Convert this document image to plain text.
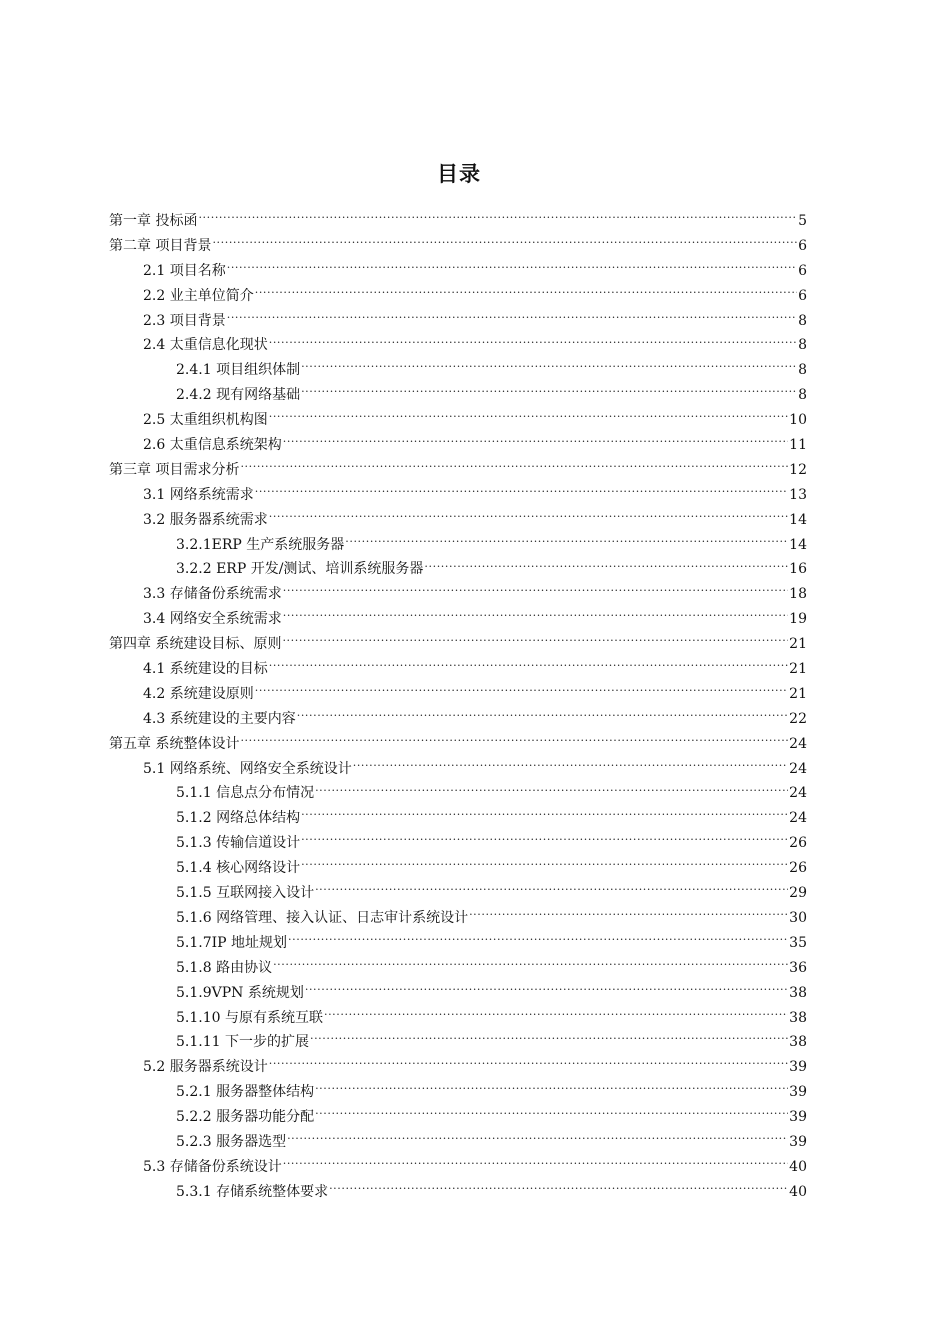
目录
第一章 投标函 .....	5
第二章 项目背景 .....	6
2.1 项目名称 .....	6
2.2 业主单位简介 .....	6
2.3 项目背景 .....	8
2.4 太重信息化现状 .....	8
2.4.1 项目组织体制 .....	8
2.4.2 现有网络基础 .....	8
2.5 太重组织机构图 .....	10
2.6 太重信息系统架构 .....	11
第三章 项目需求分析 .....	12
3.1 网络系统需求 .....	13
3.2 服务器系统需求 .....	14
3.2.1ERP 生产系统服务器 .....	14
3.2.2 ERP 开发/测试、培训系统服务器 .....	16
3.3 存储备份系统需求 .....	18
3.4 网络安全系统需求 .....	19
第四章 系统建设目标、原则 .....	21
4.1 系统建设的目标 .....	21
4.2 系统建设原则 .....	21
4.3 系统建设的主要内容 .....	22
第五章 系统整体设计 .....	24
5.1 网络系统、网络安全系统设计 .....	24
5.1.1 信息点分布情况 .....	24
5.1.2 网络总体结构 .....	24
5.1.3 传输信道设计 .....	26
5.1.4 核心网络设计 .....	26
5.1.5 互联网接入设计 .....	29
5.1.6 网络管理、接入认证、日志审计系统设计 .....	30
5.1.7IP 地址规划 .....	35
5.1.8 路由协议 .....	36
5.1.9VPN 系统规划 .....	38
5.1.10 与原有系统互联 .....	38
5.1.11 下一步的扩展 .....	38
5.2 服务器系统设计 .....	39
5.2.1 服务器整体结构 .....	39
5.2.2 服务器功能分配 .....	39
5.2.3 服务器选型 .....	39
5.3 存储备份系统设计 .....	40
5.3.1 存储系统整体要求 .....	40
